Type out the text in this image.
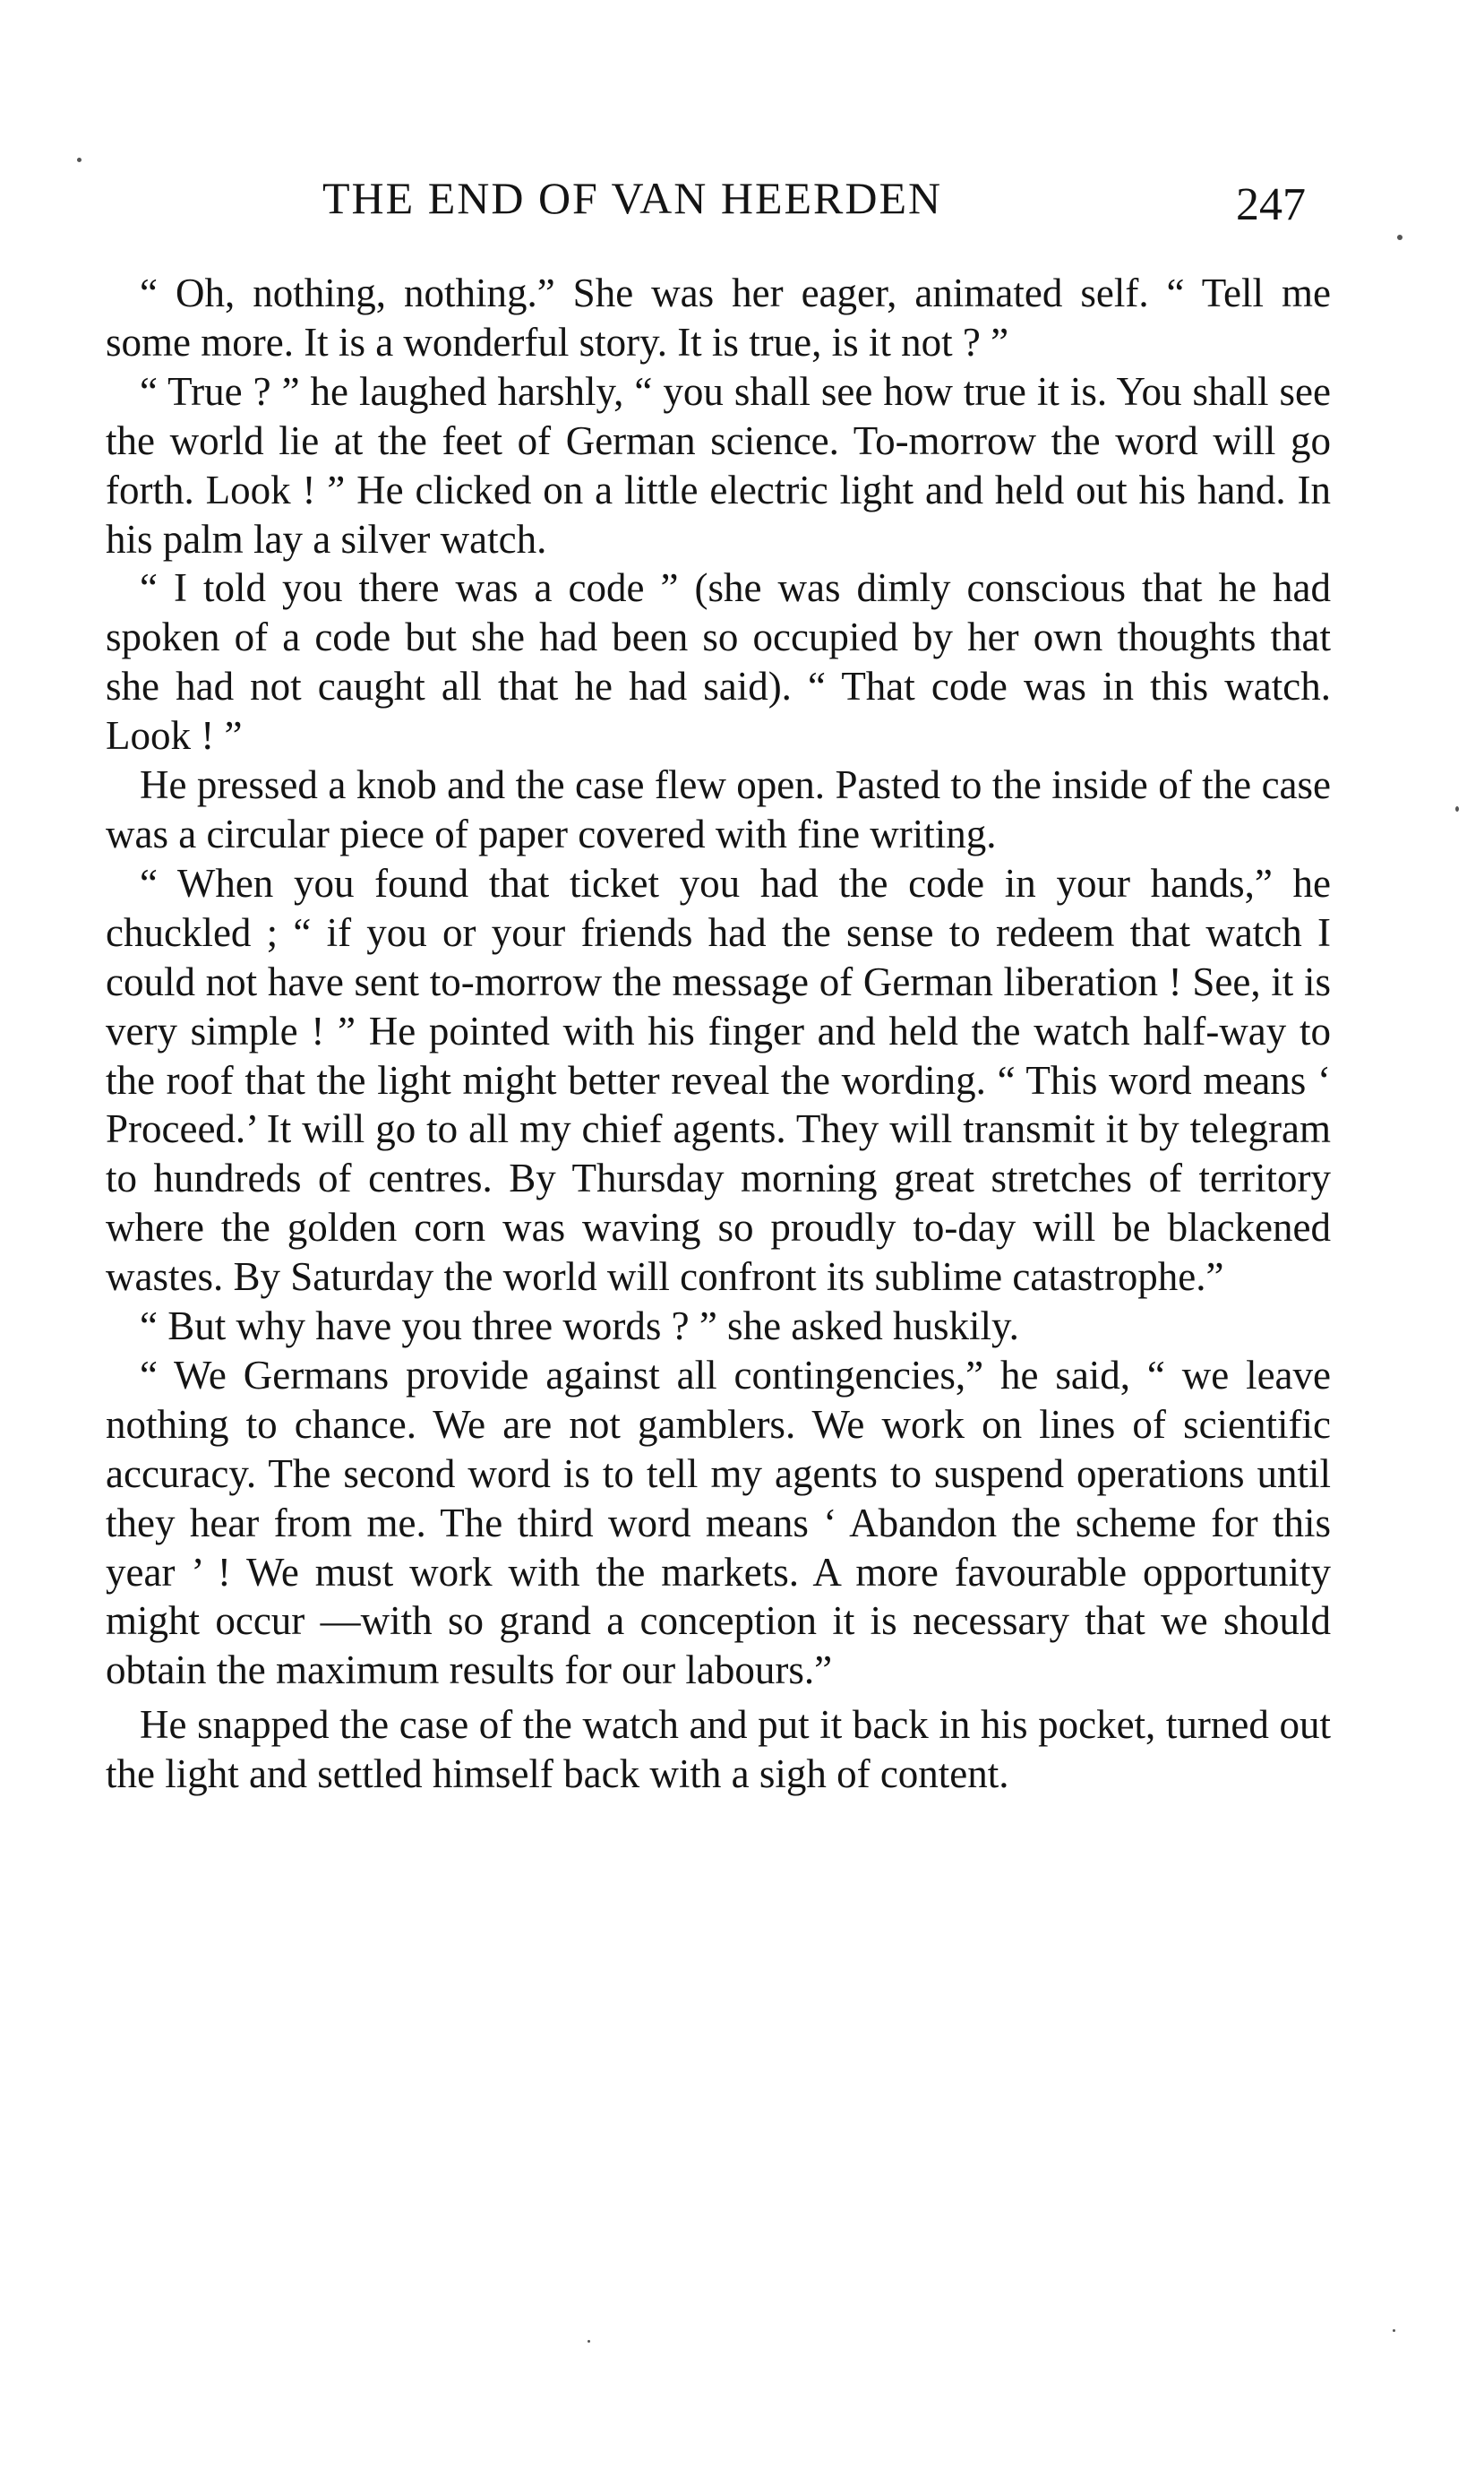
THE END OF VAN HEERDEN	247

“ Oh, nothing, nothing.” She was her eager, animated self. “ Tell me some more. It is a wonderful story. It is true, is it not ? ”

“ True ? ” he laughed harshly, “ you shall see how true it is. You shall see the world lie at the feet of German science. To-morrow the word will go forth. Look ! ” He clicked on a little electric light and held out his hand. In his palm lay a silver watch.

“ I told you there was a code ” (she was dimly conscious that he had spoken of a code but she had been so occupied by her own thoughts that she had not caught all that he had said). “ That code was in this watch. Look ! ”

He pressed a knob and the case flew open. Pasted to the inside of the case was a circular piece of paper covered with fine writing.

“ When you found that ticket you had the code in your hands,” he chuckled ; “ if you or your friends had the sense to redeem that watch I could not have sent to-morrow the message of German liberation ! See, it is very simple ! ” He pointed with his finger and held the watch half-way to the roof that the light might better reveal the wording. “ This word means ‘ Proceed.’ It will go to all my chief agents. They will transmit it by telegram to hundreds of centres. By Thursday morning great stretches of territory where the golden corn was waving so proudly to-day will be blackened wastes. By Saturday the world will confront its sublime catastrophe.”

“ But why have you three words ? ” she asked huskily.

“ We Germans provide against all contingencies,” he said, “ we leave nothing to chance. We are not gamblers. We work on lines of scientific accuracy. The second word is to tell my agents to suspend operations until they hear from me. The third word means ‘ Abandon the scheme for this year ’ ! We must work with the markets. A more favourable opportunity might occur —with so grand a conception it is necessary that we should obtain the maximum results for our labours.”

He snapped the case of the watch and put it back in his pocket, turned out the light and settled himself back with a sigh of content.
